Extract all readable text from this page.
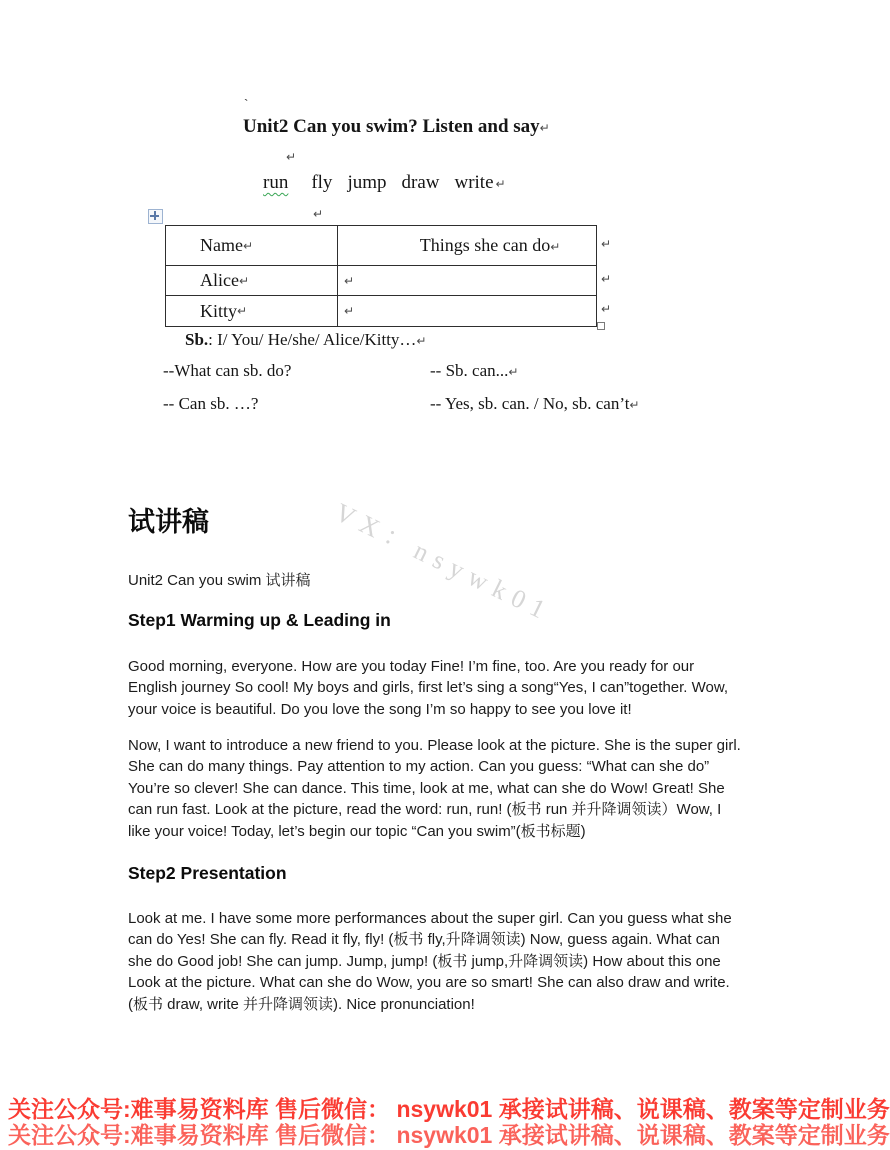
`
Unit2 Can you swim? Listen and say↵
↵
run fly jump draw write ↵
↵
Name ↵	Things she can do↵
Alice ↵	↵
Kitty ↵	↵
↵
↵
↵
Sb.: I/ You/ He/she/ Alice/Kitty…↵
--What can sb. do?	-- Sb. can...↵
-- Can sb. …?	-- Yes, sb. can. / No, sb. can’t↵
试讲稿	VX：nsywk01
Unit2 Can you swim 试讲稿
Step1 Warming up & Leading in
Good morning, everyone. How are you today Fine! I’m fine, too. Are you ready for our English journey So cool! My boys and girls, first let’s sing a song“Yes, I can”together. Wow, your voice is beautiful. Do you love the song I’m so happy to see you love it!
Now, I want to introduce a new friend to you. Please look at the picture. She is the super girl. She can do many things. Pay attention to my action. Can you guess: “What can she do” You’re so clever! She can dance. This time, look at me, what can she do Wow! Great! She can run fast. Look at the picture, read the word: run, run! (板书 run 并升降调领读）Wow, I like your voice! Today, let’s begin our topic “Can you swim”(板书标题)
Step2 Presentation
Look at me. I have some more performances about the super girl. Can you guess what she can do Yes! She can fly. Read it fly, fly! (板书 fly,升降调领读) Now, guess again. What can she do Good job! She can jump. Jump, jump! (板书 jump,升降调领读) How about this one Look at the picture. What can she do Wow, you are so smart! She can also draw and write. (板书 draw, write 并升降调领读). Nice pronunciation!
关注公众号:难事易资料库 售后微信： nsywk01 承接试讲稿、说课稿、教案等定制业务
关注公众号:难事易资料库 售后微信： nsywk01 承接试讲稿、说课稿、教案等定制业务
